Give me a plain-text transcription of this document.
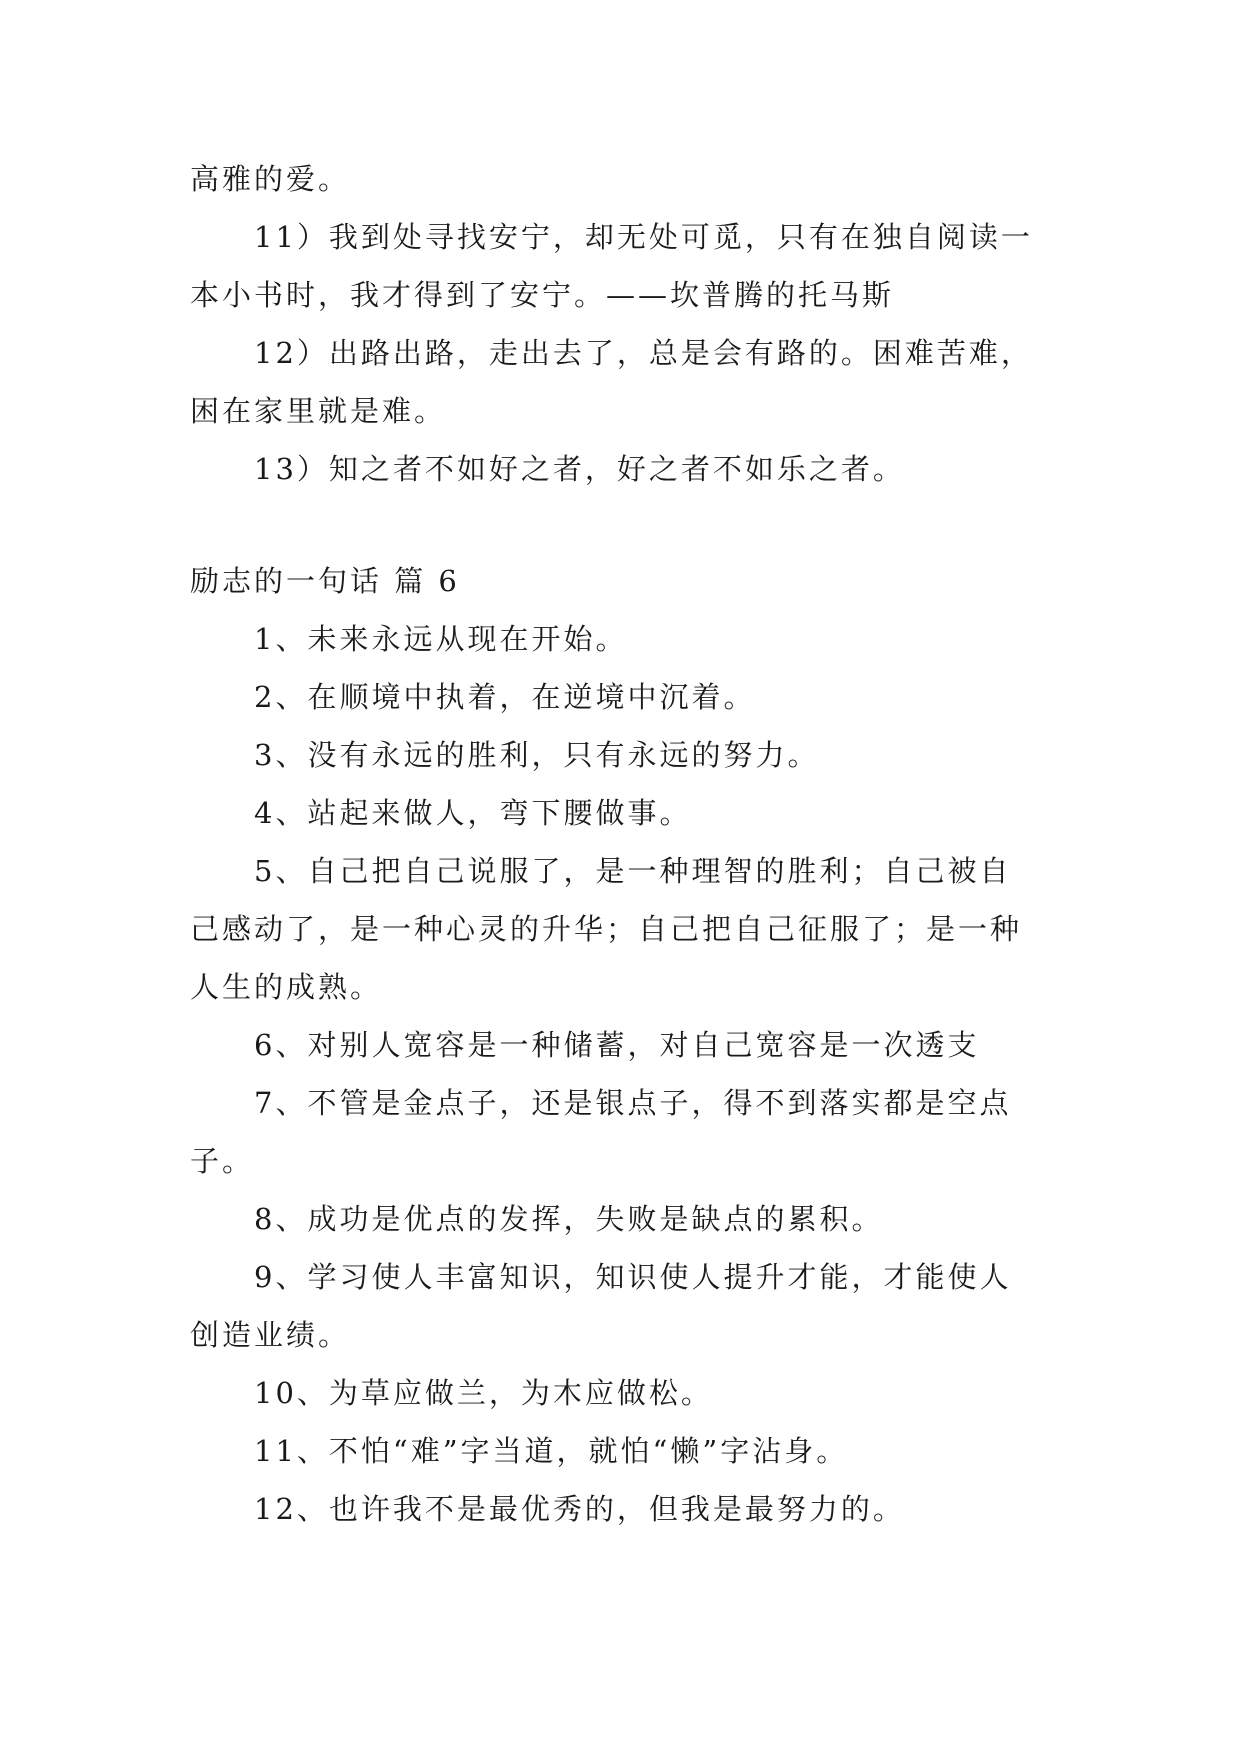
高雅的爱。

11）我到处寻找安宁，却无处可觅，只有在独自阅读一

本小书时，我才得到了安宁。——坎普腾的托马斯

12）出路出路，走出去了，总是会有路的。困难苦难，

困在家里就是难。

13）知之者不如好之者，好之者不如乐之者。

励志的一句话 篇 6

1、未来永远从现在开始。

2、在顺境中执着，在逆境中沉着。

3、没有永远的胜利，只有永远的努力。

4、站起来做人，弯下腰做事。

5、自己把自己说服了，是一种理智的胜利；自己被自

己感动了，是一种心灵的升华；自己把自己征服了；是一种

人生的成熟。

6、对别人宽容是一种储蓄，对自己宽容是一次透支

7、不管是金点子，还是银点子，得不到落实都是空点

子。

8、成功是优点的发挥，失败是缺点的累积。

9、学习使人丰富知识，知识使人提升才能，才能使人

创造业绩。

10、为草应做兰，为木应做松。

11、不怕“难”字当道，就怕“懒”字沾身。

12、也许我不是最优秀的，但我是最努力的。
